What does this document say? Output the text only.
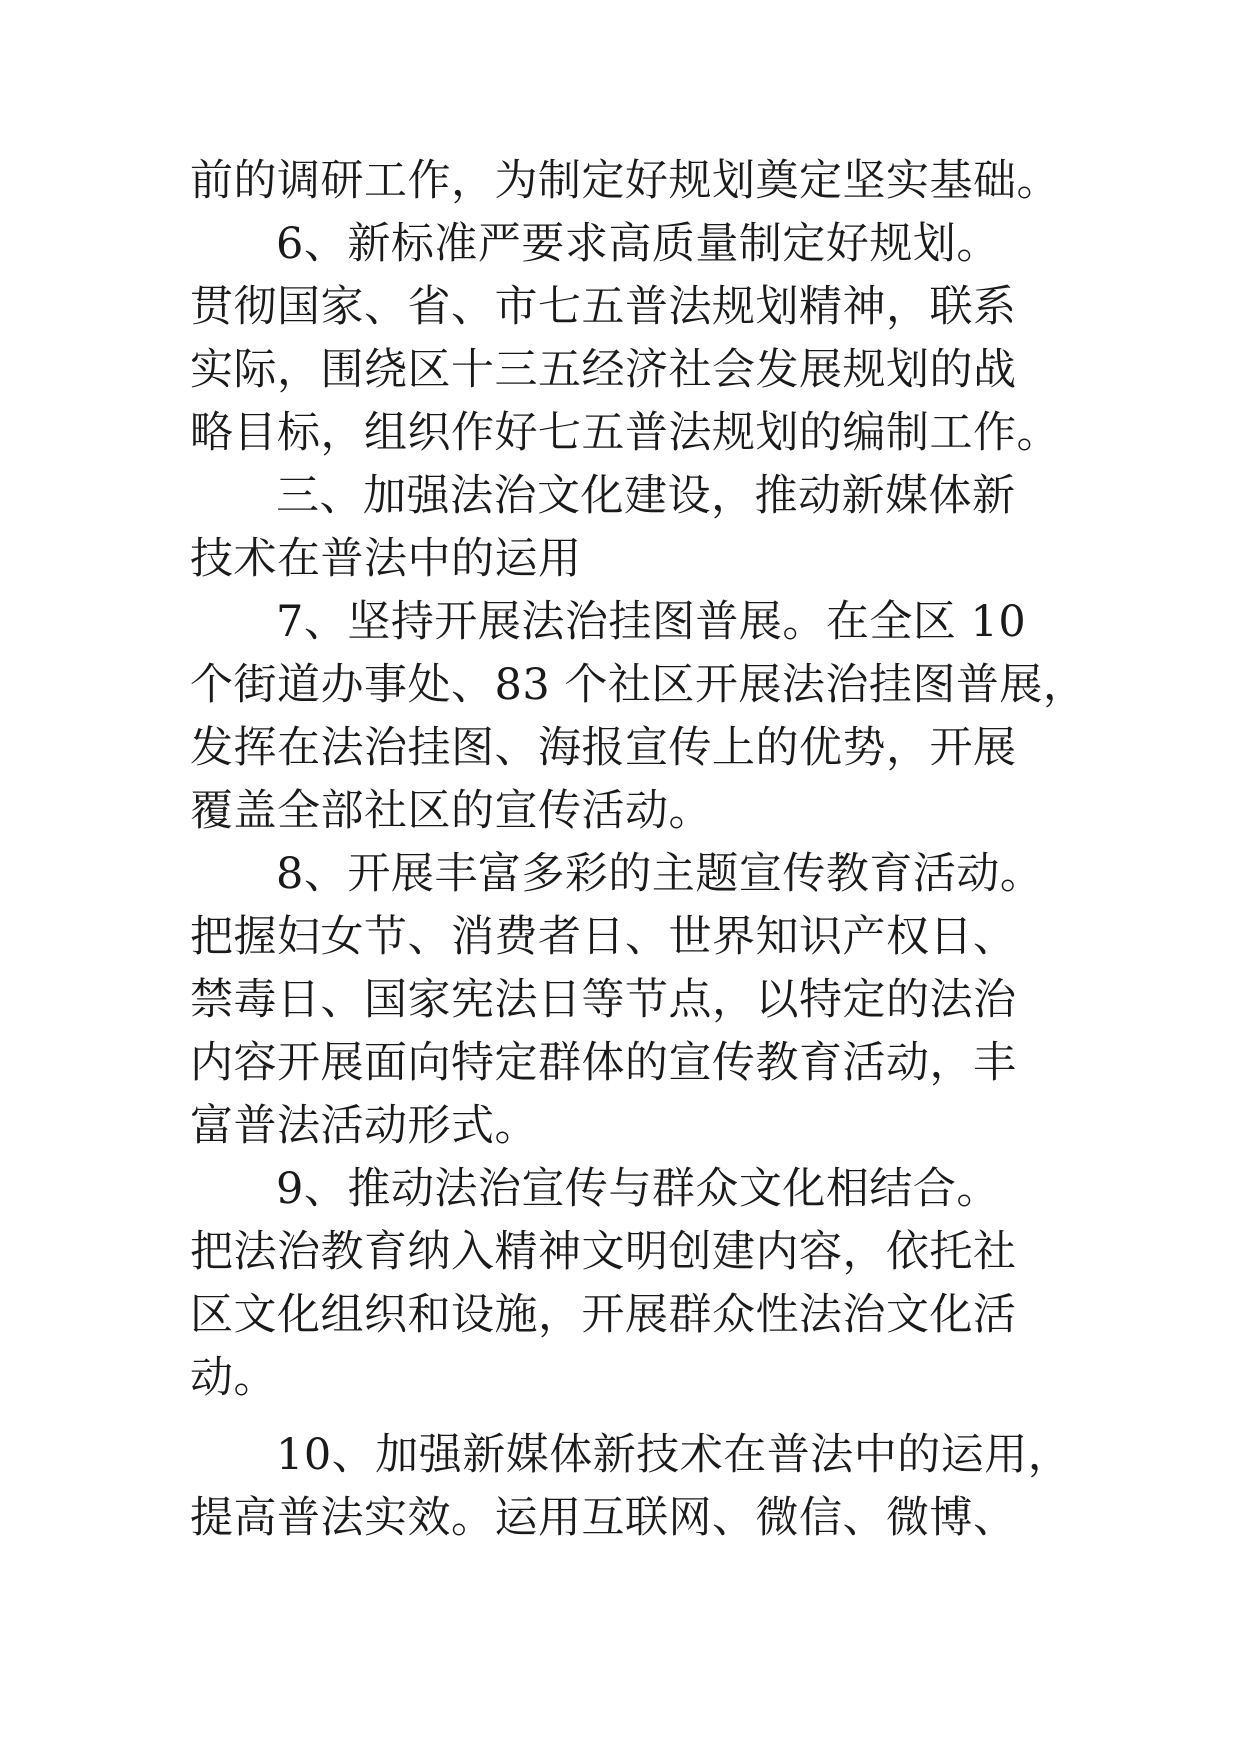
前的调研工作，为制定好规划奠定坚实基础。
6、新标准严要求高质量制定好规划。
贯彻国家、省、市七五普法规划精神，联系
实际，围绕区十三五经济社会发展规划的战
略目标，组织作好七五普法规划的编制工作。
三、加强法治文化建设，推动新媒体新
技术在普法中的运用
7、坚持开展法治挂图普展。在全区 10
个街道办事处、83 个社区开展法治挂图普展，
发挥在法治挂图、海报宣传上的优势，开展
覆盖全部社区的宣传活动。
8、开展丰富多彩的主题宣传教育活动。
把握妇女节、消费者日、世界知识产权日、
禁毒日、国家宪法日等节点，以特定的法治
内容开展面向特定群体的宣传教育活动，丰
富普法活动形式。
9、推动法治宣传与群众文化相结合。
把法治教育纳入精神文明创建内容，依托社
区文化组织和设施，开展群众性法治文化活
动。
10、加强新媒体新技术在普法中的运用，
提高普法实效。运用互联网、微信、微博、
